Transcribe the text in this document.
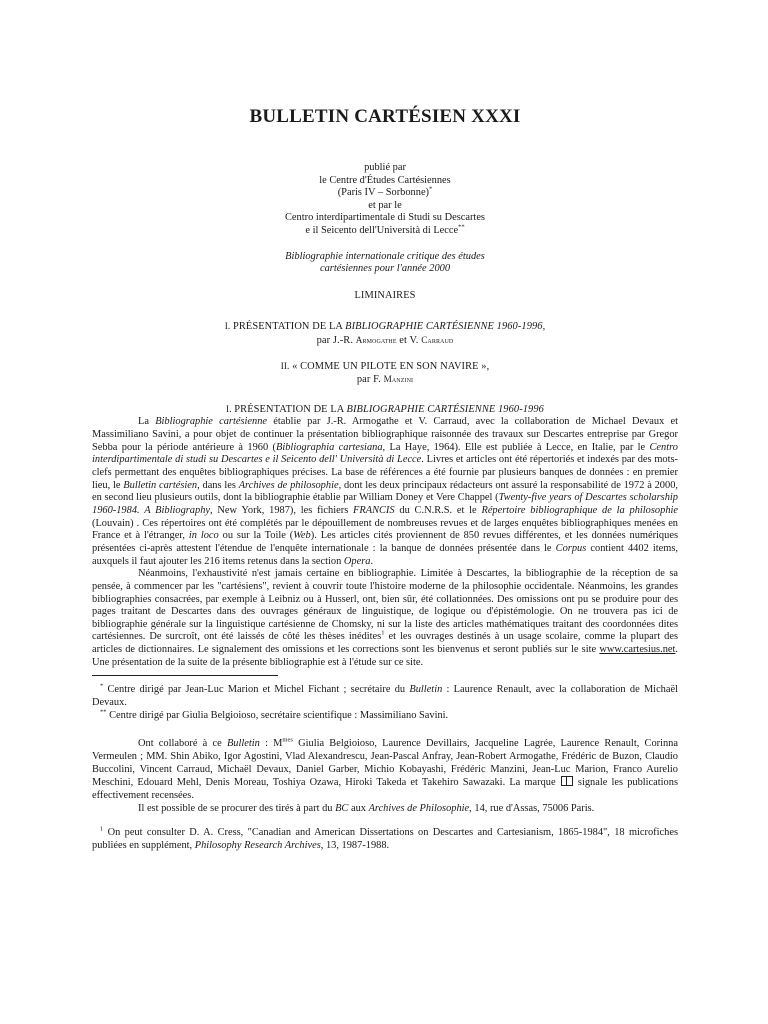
BULLETIN CARTÉSIEN XXXI
publié par
le Centre d'Études Cartésiennes
(Paris IV – Sorbonne)*
et par le
Centro interdipartimentale di Studi su Descartes
e il Seicento dell'Università di Lecce**
Bibliographie internationale critique des études
cartésiennes pour l'année 2000
LIMINAIRES
I. PRÉSENTATION DE LA BIBLIOGRAPHIE CARTÉSIENNE 1960-1996,
par J.-R. Armogathe et V. Carraud
II. « COMME UN PILOTE EN SON NAVIRE »,
par F. Manzini
I. PRÉSENTATION DE LA BIBLIOGRAPHIE CARTÉSIENNE 1960-1996

La Bibliographie cartésienne établie par J.-R. Armogathe et V. Carraud, avec la collaboration de Michael Devaux et Massimiliano Savini, a pour objet de continuer la présentation bibliographique raisonnée des travaux sur Descartes entreprise par Gregor Sebba pour la période antérieure à 1960 (Bibliographia cartesiana, La Haye, 1964). Elle est publiée à Lecce, en Italie, par le Centro interdipartimentale di studi su Descartes e il Seicento dell' Università di Lecce. Livres et articles ont été répertoriés et indexés par des mots-clefs permettant des enquêtes bibliographiques précises. La base de références a été fournie par plusieurs banques de données : en premier lieu, le Bulletin cartésien, dans les Archives de philosophie, dont les deux principaux rédacteurs ont assuré la responsabilité de 1972 à 2000, en second lieu plusieurs outils, dont la bibliographie établie par William Doney et Vere Chappel (Twenty-five years of Descartes scholarship 1960-1984. A Bibliography, New York, 1987), les fichiers FRANCIS du C.N.R.S. et le Répertoire bibliographique de la philosophie (Louvain) . Ces répertoires ont été complétés par le dépouillement de nombreuses revues et de larges enquêtes bibliographiques menées en France et à l'étranger, in loco ou sur la Toile (Web). Les articles cités proviennent de 850 revues différentes, et les données numériques présentées ci-après attestent l'étendue de l'enquête internationale : la banque de données présentée dans le Corpus contient 4402 items, auxquels il faut ajouter les 216 items retenus dans la section Opera.

Néanmoins, l'exhaustivité n'est jamais certaine en bibliographie. Limitée à Descartes, la bibliographie de la réception de sa pensée, à commencer par les "cartésiens", revient à couvrir toute l'histoire moderne de la philosophie occidentale. Néanmoins, les grandes bibliographies consacrées, par exemple à Leibniz ou à Husserl, ont, bien sûr, été collationnées. Des omissions ont pu se produire pour des pages traitant de Descartes dans des ouvrages généraux de linguistique, de logique ou d'épistémologie. On ne trouvera pas ici de bibliographie générale sur la linguistique cartésienne de Chomsky, ni sur la liste des articles mathématiques traitant des coordonnées dites cartésiennes. De surcroît, ont été laissés de côté les thèses inédites$^1$ et les ouvrages destinés à un usage scolaire, comme la plupart des articles de dictionnaires. Le signalement des omissions et les corrections sont les bienvenus et seront publiés sur le site www.cartesius.net. Une présentation de la suite de la présente bibliographie est à l'étude sur ce site.

* Centre dirigé par Jean-Luc Marion et Michel Fichant ; secrétaire du Bulletin : Laurence Renault, avec la collaboration de Michaël Devaux.

** Centre dirigé par Giulia Belgioioso, secrétaire scientifique : Massimiliano Savini.

Ont collaboré à ce Bulletin : $M^{mes}$ Giulia Belgioioso, Laurence Devillairs, Jacqueline Lagrée, Laurence Renault, Corinna Vermeulen ; MM. Shin Abiko, Igor Agostini, Vlad Alexandrescu, Jean-Pascal Anfray, Jean-Robert Armogathe, Frédéric de Buzon, Claudio Buccolini, Vincent Carraud, Michaël Devaux, Daniel Garber, Michio Kobayashi, Frédéric Manzini, Jean-Luc Marion, Franco Aurelio Meschini, Edouard Mehl, Denis Moreau, Toshiya Ozawa, Hiroki Takeda et Takehiro Sawazaki. La marque  signale les publications effectivement recensées.

Il est possible de se procurer des tirés à part du BC aux Archives de Philosophie, 14, rue d'Assas, 75006 Paris.

$^1$ On peut consulter D. A. Cress, "Canadian and American Dissertations on Descartes and Cartesianism, 1865-1984", 18 microfiches publiées en supplément, Philosophy Research Archives, 13, 1987-1988.
